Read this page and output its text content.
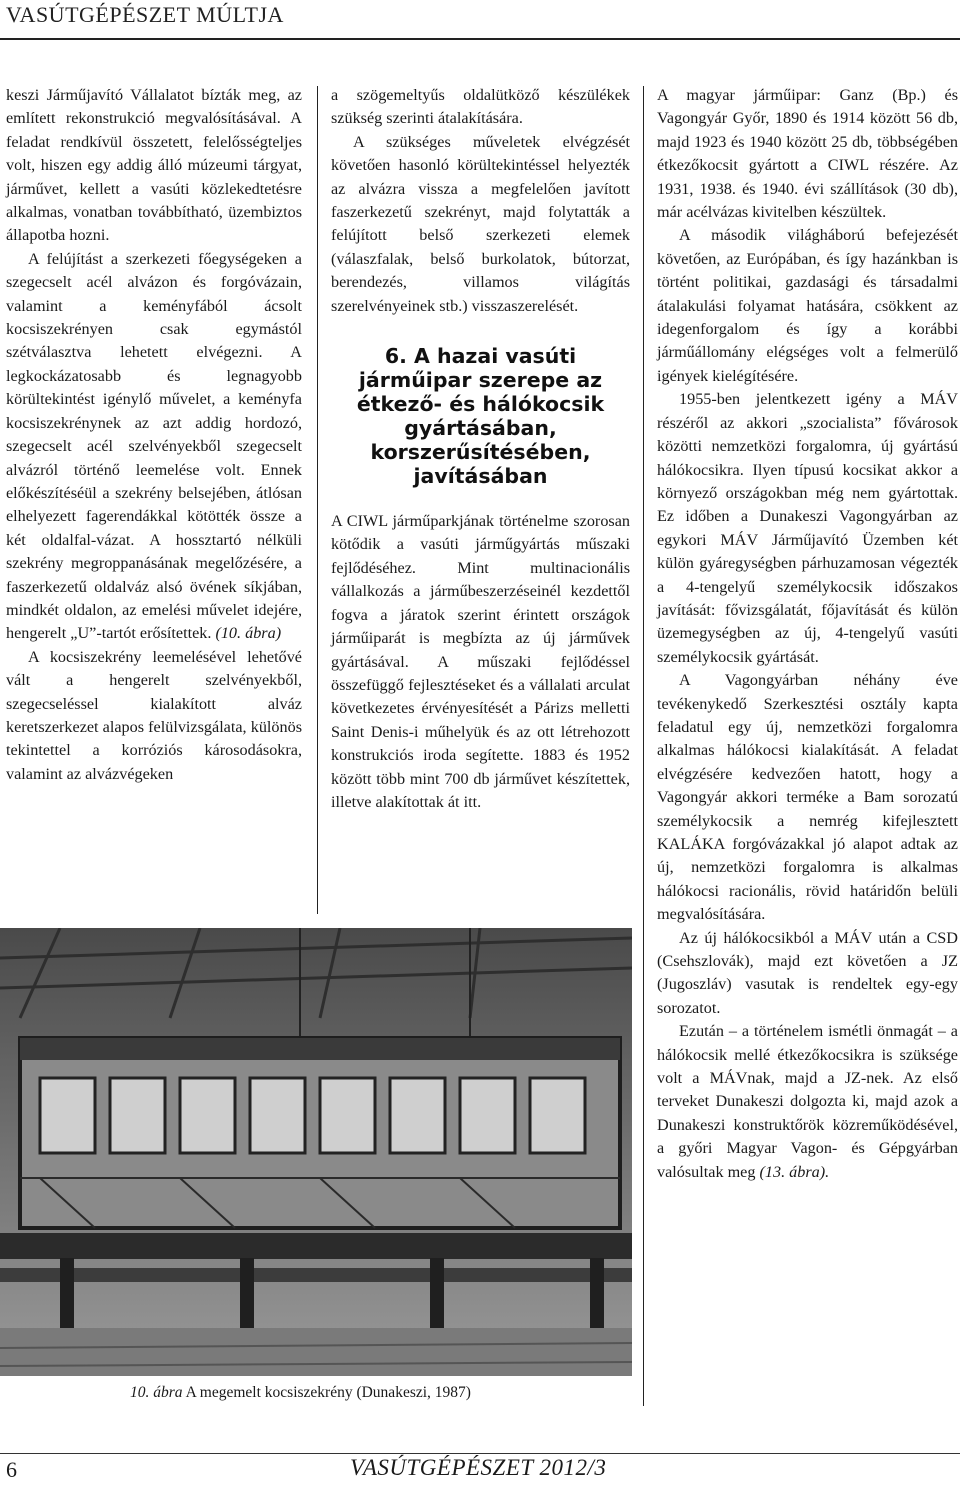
VASÚTGÉPÉSZET MÚLTJA

keszi Járműjavító Vállalatot bízták meg, az említett rekonstrukció megvalósításával. A feladat rendkívül összetett, felelősségteljes volt, hiszen egy addig álló múzeumi tárgyat, járművet, kellett a vasúti közlekedtetésre alkalmas, vonatban továbbítható, üzembiztos állapotba hozni.

A felújítást a szerkezeti főegységeken a szegecselt acél alvázon és forgóvázain, valamint a keményfából ácsolt kocsiszekrényen csak egymástól szétválasztva lehetett elvégezni. A legkockázatosabb és legnagyobb körültekintést igénylő művelet, a keményfa kocsiszekrénynek az azt addig hordozó, szegecselt acél szelvényekből szegecselt alvázról történő leemelése volt. Ennek előkészítéséül a szekrény belsejében, átlósan elhelyezett fagerendákkal kötötték össze a két oldalfal-vázat. A hossztartó nélküli szekrény megroppanásának megelőzésére, a faszerkezetű oldalváz alsó övének síkjában, mindkét oldalon, az emelési művelet idejére, hengerelt „U”-tartót erősítettek. (10. ábra)

A kocsiszekrény leemelésével lehetővé vált a hengerelt szelvényekből, szegecseléssel kialakított alváz keretszerkezet alapos felülvizsgálata, különös tekintettel a korróziós károsodásokra, valamint az alvázvégeken

a szögemeltyűs oldalütköző készülékek szükség szerinti átalakítására.

A szükséges műveletek elvégzését követően hasonló körültekintéssel helyezték az alvázra vissza a megfelelően javított faszerkezetű szekrényt, majd folytatták a felújított belső szerkezeti elemek (válaszfalak, belső burkolatok, bútorzat, berendezés, villamos világítás szerelvényeinek stb.) visszaszerelését.

6. A hazai vasúti járműipar szerepe az étkező- és hálókocsik gyártásában, korszerűsítésében, javításában

A CIWL járműparkjának történelme szorosan kötődik a vasúti járműgyártás műszaki fejlődéséhez. Mint multinacionális vállalkozás a járműbeszerzéseinél kezdettől fogva a járatok szerint érintett országok járműiparát is megbízta az új járművek gyártásával. A műszaki fejlődéssel összefüggő fejlesztéseket és a vállalati arculat következetes érvényesítését a Párizs melletti Saint Denis-i műhelyük és az ott létrehozott konstrukciós iroda segítette. 1883 és 1952 között több mint 700 db járművet készítettek, illetve alakítottak át itt.

A magyar járműipar: Ganz (Bp.) és Vagongyár Győr, 1890 és 1914 között 56 db, majd 1923 és 1940 között 25 db, többségében étkezőkocsit gyártott a CIWL részére. Az 1931, 1938. és 1940. évi szállítások (30 db), már acélvázas kivitelben készültek.

A második világháború befejezését követően, az Európában, és így hazánkban is történt politikai, gazdasági és társadalmi átalakulási folyamat hatására, csökkent az idegenforgalom és így a korábbi járműállomány elégséges volt a felmerülő igények kielégítésére.

1955-ben jelentkezett igény a MÁV részéről az akkori „szocialista” fővárosok közötti nemzetközi forgalomra, új gyártású hálókocsikra. Ilyen típusú kocsikat akkor a környező országokban még nem gyártottak. Ez időben a Dunakeszi Vagongyárban az egykori MÁV Járműjavító Üzemben két külön gyáregységben párhuzamosan végezték a 4-tengelyű személykocsik időszakos javítását: fővizsgálatát, főjavítását és külön üzemegységben az új, 4-tengelyű vasúti személykocsik gyártását.

A Vagongyárban néhány éve tevékenykedő Szerkesztési osztály kapta feladatul egy új, nemzetközi forgalomra alkalmas hálókocsi kialakítását. A feladat elvégzésére kedvezően hatott, hogy a Vagongyár akkori terméke a Bam sorozatú személykocsik a nemrég kifejlesztett KALÁKA forgóvázakkal jó alapot adtak az új, nemzetközi forgalomra is alkalmas hálókocsi racionális, rövid határidőn belüli megvalósítására.

Az új hálókocsikból a MÁV után a CSD (Csehszlovák), majd ezt követően a JZ (Jugoszláv) vasutak is rendeltek egy-egy sorozatot.

Ezután – a történelem ismétli önmagát – a hálókocsik mellé étkezőkocsikra is szüksége volt a MÁVnak, majd a JZ-nek. Az első terveket Dunakeszi dolgozta ki, majd azok a Dunakeszi konstruktőrök közreműködésével, a győri Magyar Vagon- és Gépgyárban valósultak meg (13. ábra).

10. ábra A megemelt kocsiszekrény (Dunakeszi, 1987)
6	VASÚTGÉPÉSZET 2012/3
